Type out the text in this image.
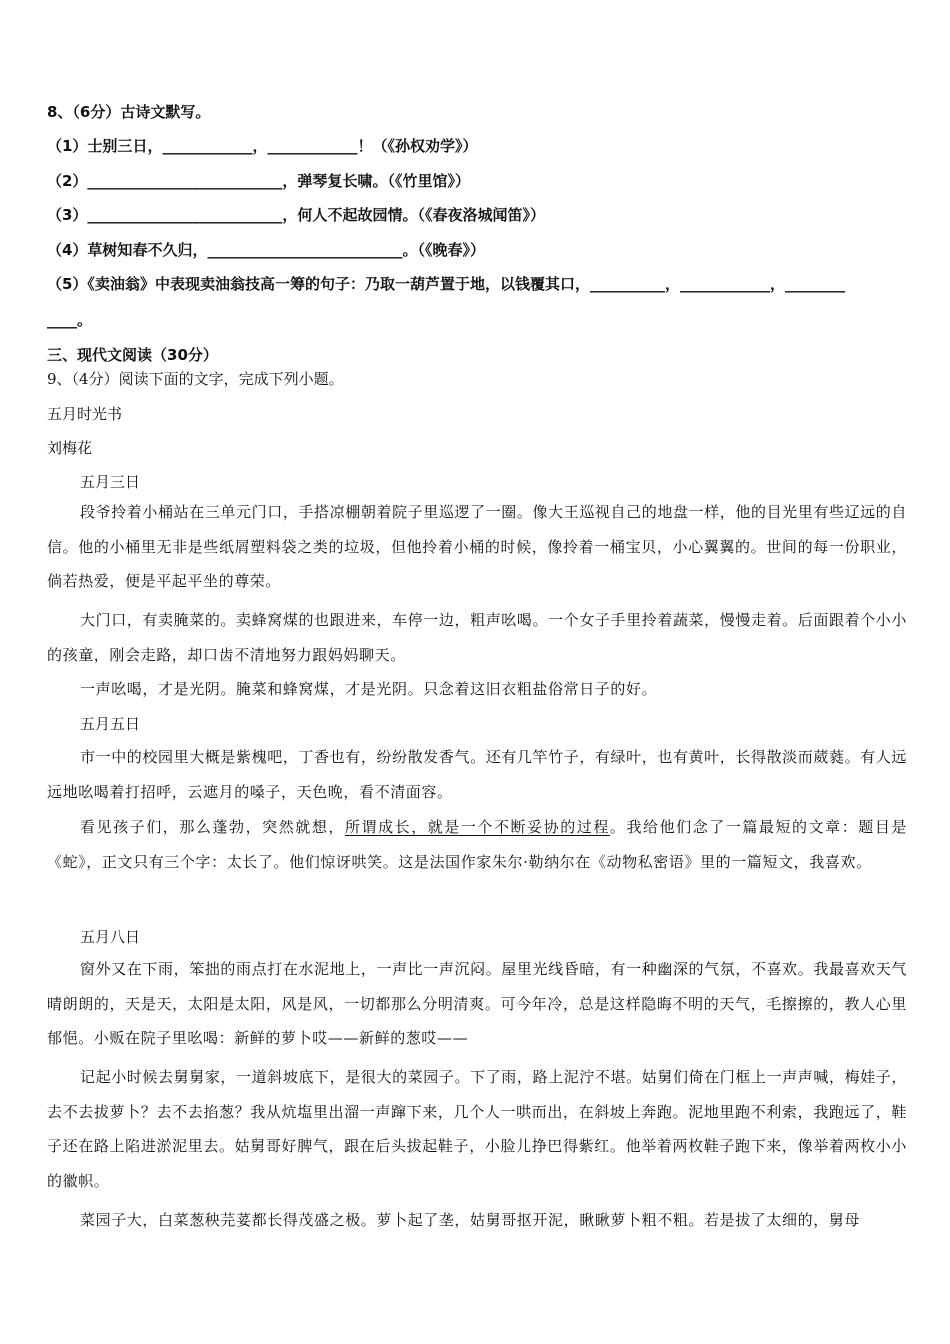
8、（6分）古诗文默写。
（1）士别三日，____________，____________！（《孙权劝学》）
（2）__________________________，弹琴复长啸。（《竹里馆》）
（3）__________________________，何人不起故园情。（《春夜洛城闻笛》）
（4）草树知春不久归，__________________________。（《晚春》）
（5）《卖油翁》中表现卖油翁技高一筹的句子：乃取一葫芦置于地，以钱覆其口，__________，____________，________
____。
三、现代文阅读（30分）
9、（4分）阅读下面的文字，完成下列小题。
五月时光书
刘梅花
五月三日
段爷拎着小桶站在三单元门口，手搭凉棚朝着院子里巡逻了一圈。像大王巡视自己的地盘一样，他的目光里有些辽远的自信。他的小桶里无非是些纸屑塑料袋之类的垃圾，但他拎着小桶的时候，像拎着一桶宝贝，小心翼翼的。世间的每一份职业，倘若热爱，便是平起平坐的尊荣。
大门口，有卖腌菜的。卖蜂窝煤的也跟进来，车停一边，粗声吆喝。一个女子手里拎着蔬菜，慢慢走着。后面跟着个小小的孩童，刚会走路，却口齿不清地努力跟妈妈聊天。
一声吆喝，才是光阴。腌菜和蜂窝煤，才是光阴。只念着这旧衣粗盐俗常日子的好。
五月五日
市一中的校园里大概是紫槐吧，丁香也有，纷纷散发香气。还有几竿竹子，有绿叶，也有黄叶，长得散淡而葳蕤。有人远远地吆喝着打招呼，云遮月的嗓子，天色晚，看不清面容。
看见孩子们，那么蓬勃，突然就想，所谓成长，就是一个不断妥协的过程。我给他们念了一篇最短的文章：题目是《蛇》，正文只有三个字：太长了。他们惊讶哄笑。这是法国作家朱尔·勒纳尔在《动物私密语》里的一篇短文，我喜欢。
五月八日
窗外又在下雨，笨拙的雨点打在水泥地上，一声比一声沉闷。屋里光线昏暗，有一种幽深的气氛，不喜欢。我最喜欢天气晴朗朗的，天是天，太阳是太阳，风是风，一切都那么分明清爽。可今年冷，总是这样隐晦不明的天气，毛擦擦的，教人心里郁悒。小贩在院子里吆喝：新鲜的萝卜哎——新鲜的葱哎——
记起小时候去舅舅家，一道斜坡底下，是很大的菜园子。下了雨，路上泥泞不堪。姑舅们倚在门框上一声声喊，梅娃子，去不去拔萝卜？去不去掐葱？我从炕塩里出溜一声蹿下来，几个人一哄而出，在斜坡上奔跑。泥地里跑不利索，我跑远了，鞋子还在路上陷进淤泥里去。姑舅哥好脾气，跟在后头拔起鞋子，小脸儿挣巴得紫红。他举着两枚鞋子跑下来，像举着两枚小小的徽帜。
菜园子大，白菜葱秧芫荽都长得茂盛之极。萝卜起了垄，姑舅哥抠开泥，瞅瞅萝卜粗不粗。若是拔了太细的，舅母
